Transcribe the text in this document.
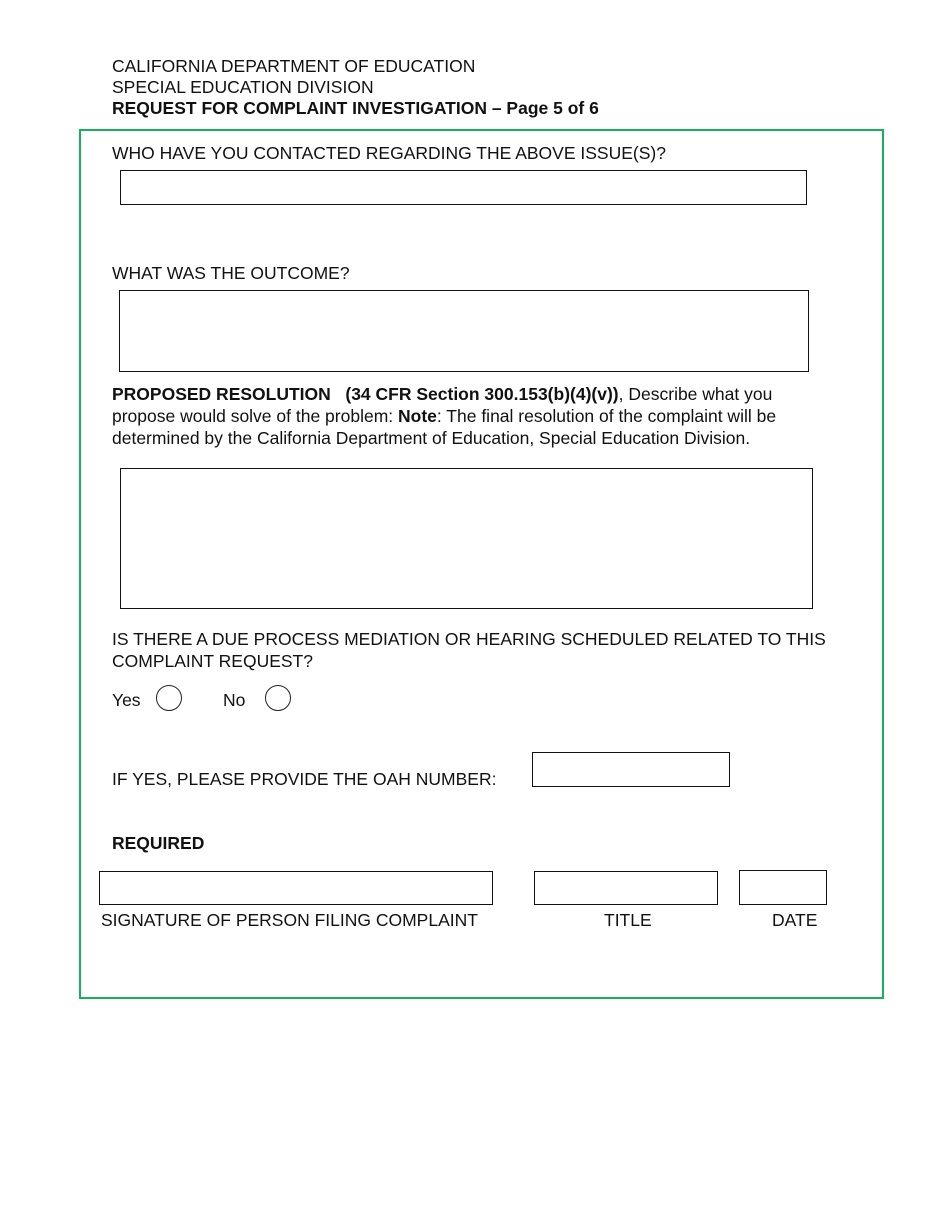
CALIFORNIA DEPARTMENT OF EDUCATION
SPECIAL EDUCATION DIVISION
REQUEST FOR COMPLAINT INVESTIGATION – Page 5 of 6
WHO HAVE YOU CONTACTED REGARDING THE ABOVE ISSUE(S)?
WHAT WAS THE OUTCOME?
PROPOSED RESOLUTION (34 CFR Section 300.153(b)(4)(v)), Describe what you propose would solve of the problem: Note: The final resolution of the complaint will be determined by the California Department of Education, Special Education Division.
IS THERE A DUE PROCESS MEDIATION OR HEARING SCHEDULED RELATED TO THIS COMPLAINT REQUEST?
Yes	No
IF YES, PLEASE PROVIDE THE OAH NUMBER:
REQUIRED
SIGNATURE OF PERSON FILING COMPLAINT	TITLE	DATE
